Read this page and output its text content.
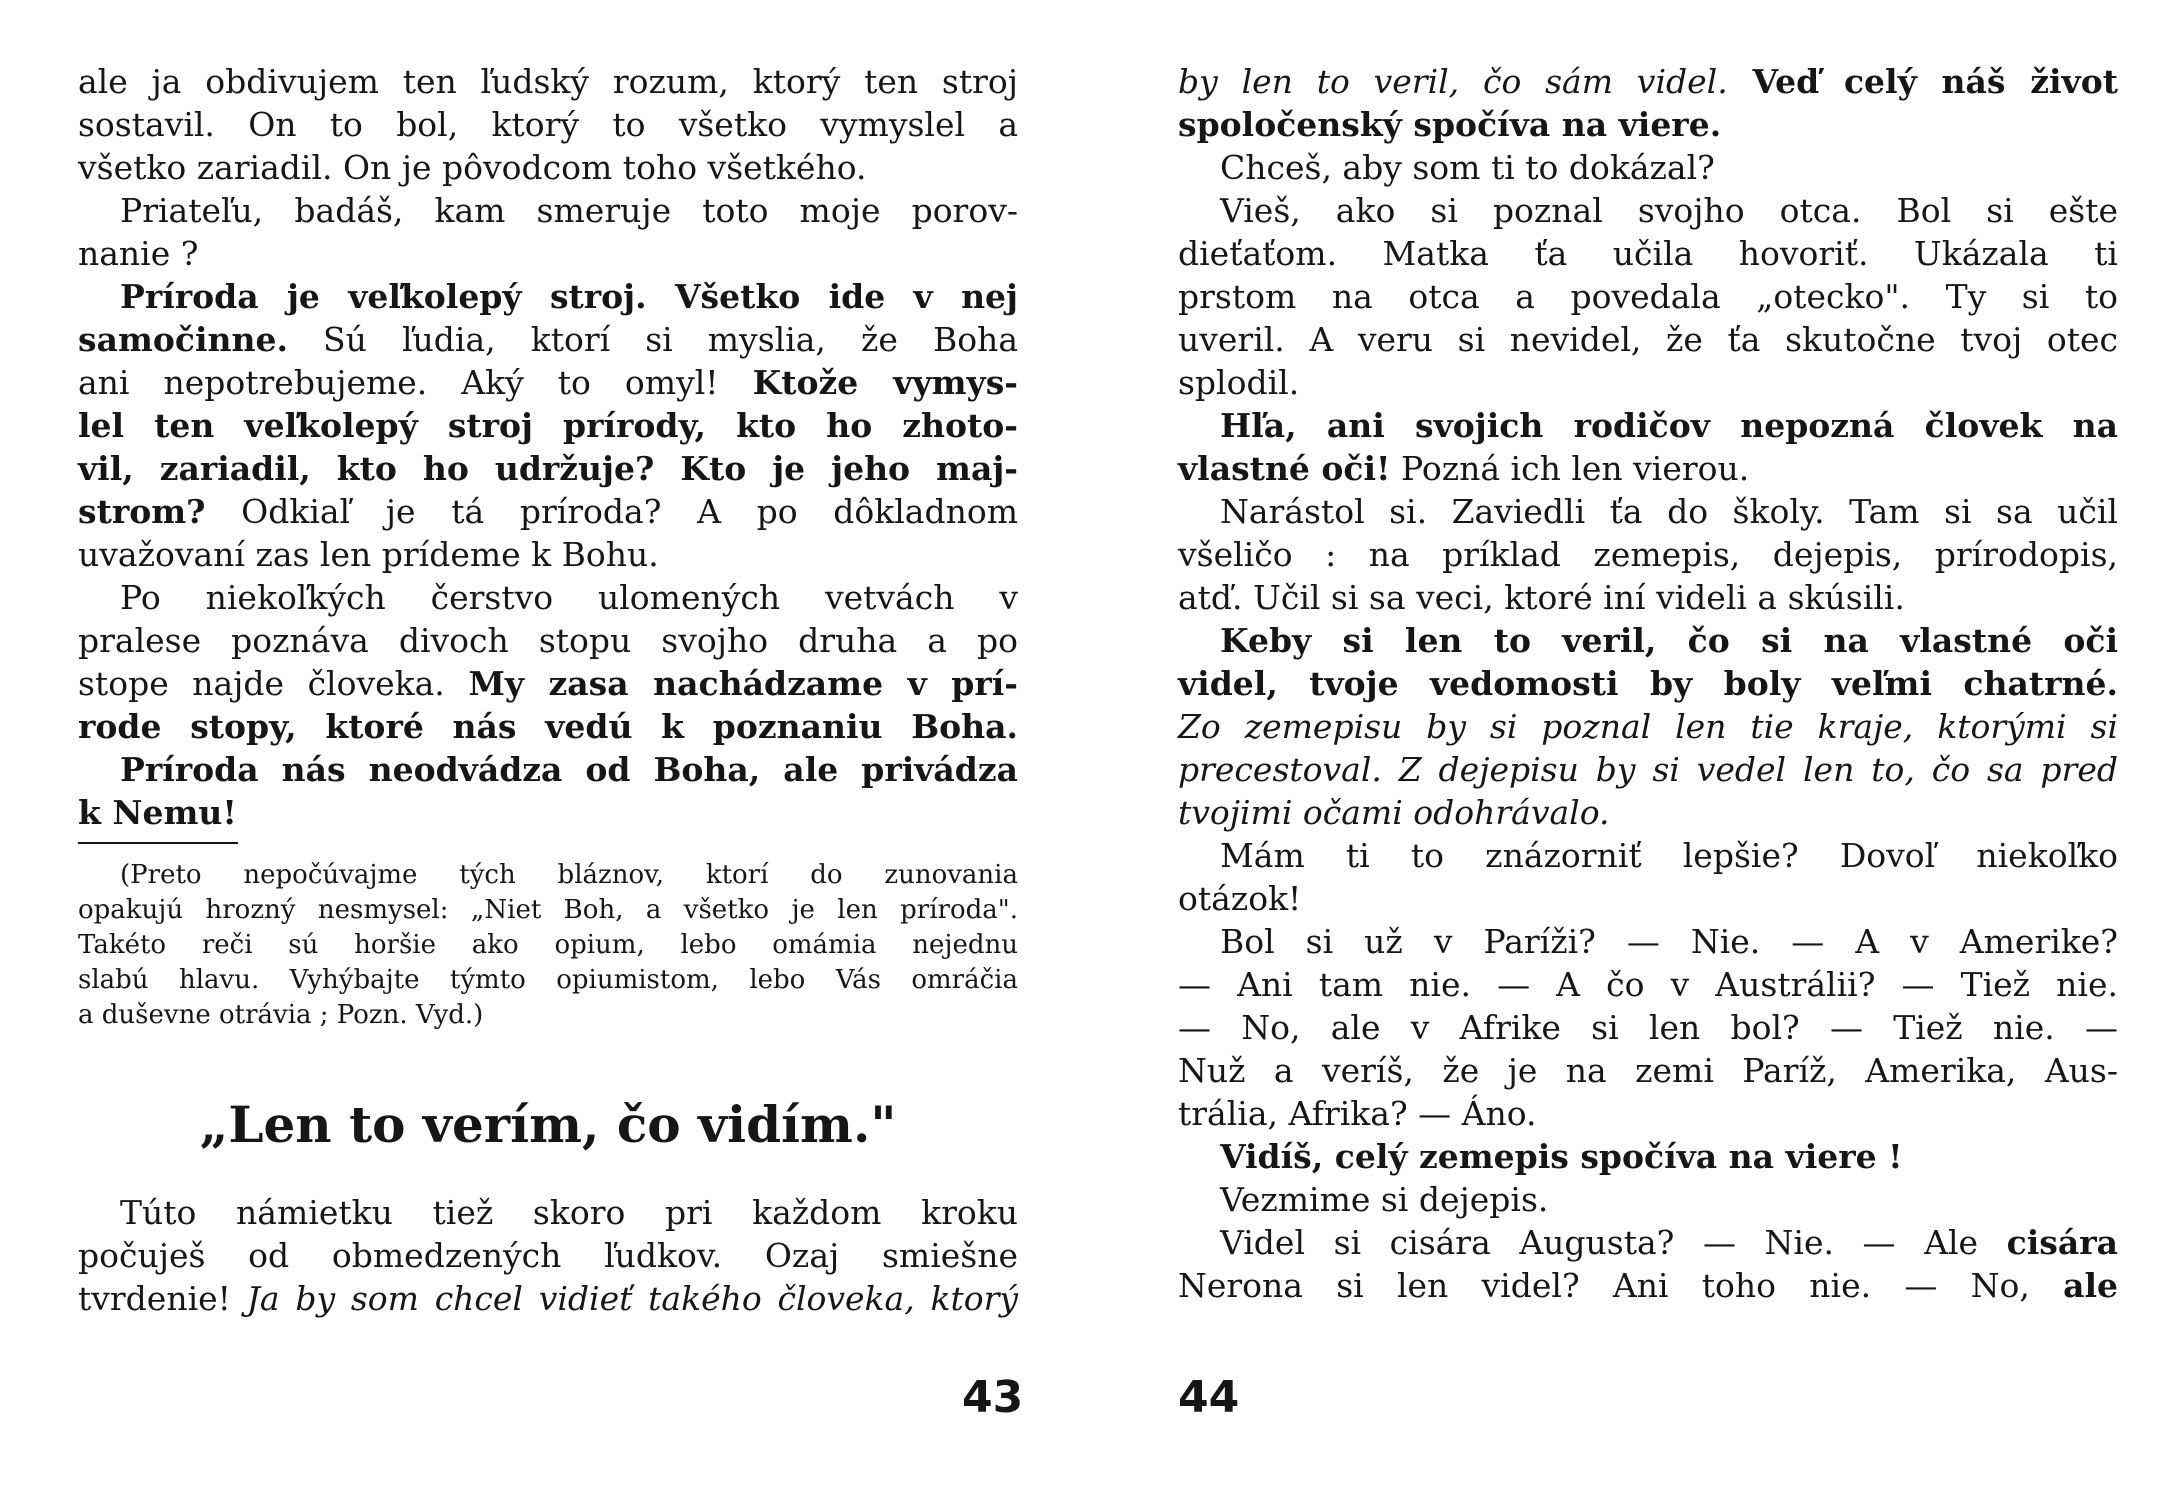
ale ja obdivujem ten ľudský rozum, ktorý ten stroj
sostavil. On to bol, ktorý to všetko vymyslel a
všetko zariadil. On je pôvodcom toho všetkého.
Priateľu, badáš, kam smeruje toto moje porov-
nanie ?
Príroda je veľkolepý stroj. Všetko ide v nej
samočinne. Sú ľudia, ktorí si myslia, že Boha
ani nepotrebujeme. Aký to omyl! Ktože vymys-
lel ten veľkolepý stroj prírody, kto ho zhoto-
vil, zariadil, kto ho udržuje? Kto je jeho maj-
strom? Odkiaľ je tá príroda? A po dôkladnom
uvažovaní zas len prídeme k Bohu.
Po niekoľkých čerstvo ulomených vetvách v
pralese poznáva divoch stopu svojho druha a po
stope najde človeka. My zasa nachádzame v prí-
rode stopy, ktoré nás vedú k poznaniu Boha.
Príroda nás neodvádza od Boha, ale privádza
k Nemu!
(Preto nepočúvajme tých bláznov, ktorí do zunovania
opakujú hrozný nesmysel: „Niet Boh, a všetko je len príroda".
Takéto reči sú horšie ako opium, lebo omámia nejednu
slabú hlavu. Vyhýbajte týmto opiumistom, lebo Vás omráčia
a duševne otrávia ; Pozn. Vyd.)
„Len to verím, čo vidím."
Túto námietku tiež skoro pri každom kroku
počuješ od obmedzených ľudkov. Ozaj smiešne
tvrdenie! Ja by som chcel vidieť takého človeka, ktorý
by len to veril, čo sám videl. Veď celý náš život
spoločenský spočíva na viere.
Chceš, aby som ti to dokázal?
Vieš, ako si poznal svojho otca. Bol si ešte
dieťaťom. Matka ťa učila hovoriť. Ukázala ti
prstom na otca a povedala „otecko". Ty si to
uveril. A veru si nevidel, že ťa skutočne tvoj otec
splodil.
Hľa, ani svojich rodičov nepozná človek na
vlastné oči! Pozná ich len vierou.
Narástol si. Zaviedli ťa do školy. Tam si sa učil
všeličo : na príklad zemepis, dejepis, prírodopis,
atď. Učil si sa veci, ktoré iní videli a skúsili.
Keby si len to veril, čo si na vlastné oči
videl, tvoje vedomosti by boly veľmi chatrné.
Zo zemepisu by si poznal len tie kraje, ktorými si
precestoval. Z dejepisu by si vedel len to, čo sa pred
tvojimi očami odohrávalo.
Mám ti to znázorniť lepšie? Dovoľ niekoľko
otázok!
Bol si už v Paríži? — Nie. — A v Amerike?
— Ani tam nie. — A čo v Austrálii? — Tiež nie.
— No, ale v Afrike si len bol? — Tiež nie. —
Nuž a veríš, že je na zemi Paríž, Amerika, Aus-
trália, Afrika? — Áno.
Vidíš, celý zemepis spočíva na viere !
Vezmime si dejepis.
Videl si cisára Augusta? — Nie. — Ale cisára
Nerona si len videl? Ani toho nie. — No, ale
43	44
